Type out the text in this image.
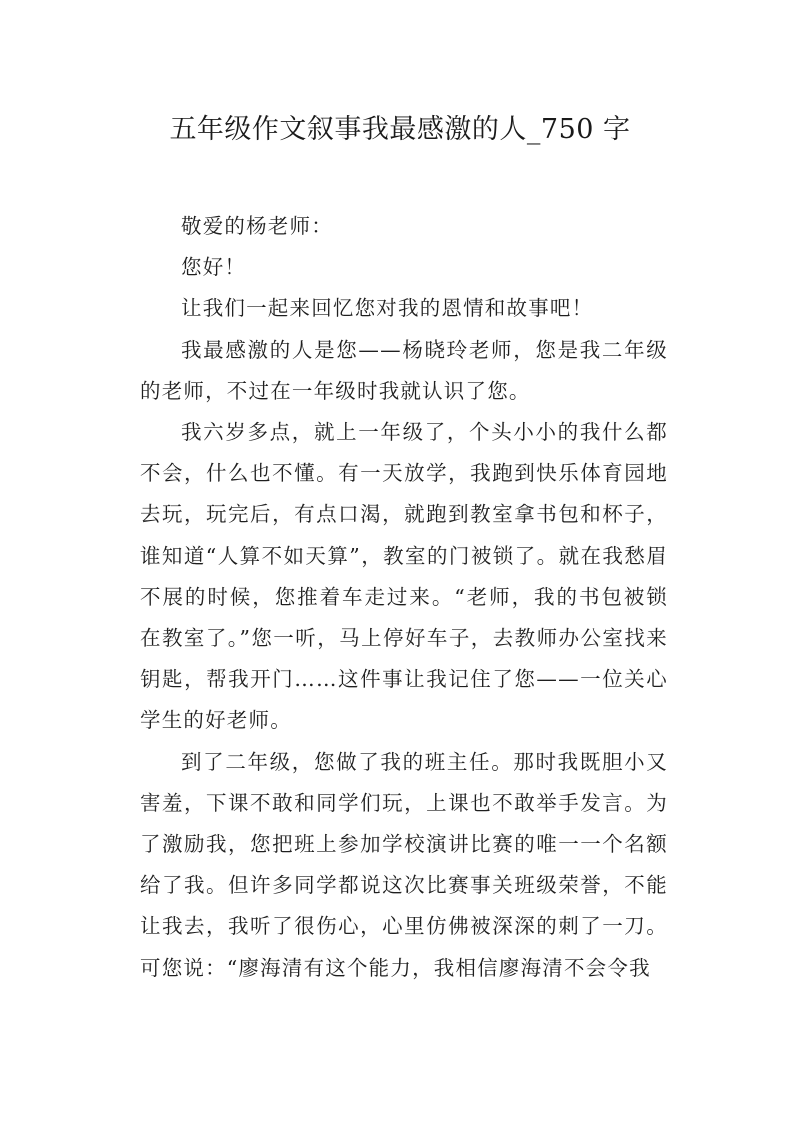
五年级作文叙事我最感激的人_750 字

敬爱的杨老师：

您好！

让我们一起来回忆您对我的恩情和故事吧！

我最感激的人是您——杨晓玲老师，您是我二年级的老师，不过在一年级时我就认识了您。

我六岁多点，就上一年级了，个头小小的我什么都不会，什么也不懂。有一天放学，我跑到快乐体育园地去玩，玩完后，有点口渴，就跑到教室拿书包和杯子，谁知道“人算不如天算”，教室的门被锁了。就在我愁眉不展的时候，您推着车走过来。“老师，我的书包被锁在教室了。”您一听，马上停好车子，去教师办公室找来钥匙，帮我开门……这件事让我记住了您——一位关心学生的好老师。

到了二年级，您做了我的班主任。那时我既胆小又害羞，下课不敢和同学们玩，上课也不敢举手发言。为了激励我，您把班上参加学校演讲比赛的唯一一个名额给了我。但许多同学都说这次比赛事关班级荣誉，不能让我去，我听了很伤心，心里仿佛被深深的刺了一刀。可您说：“廖海清有这个能力，我相信廖海清不会令我
